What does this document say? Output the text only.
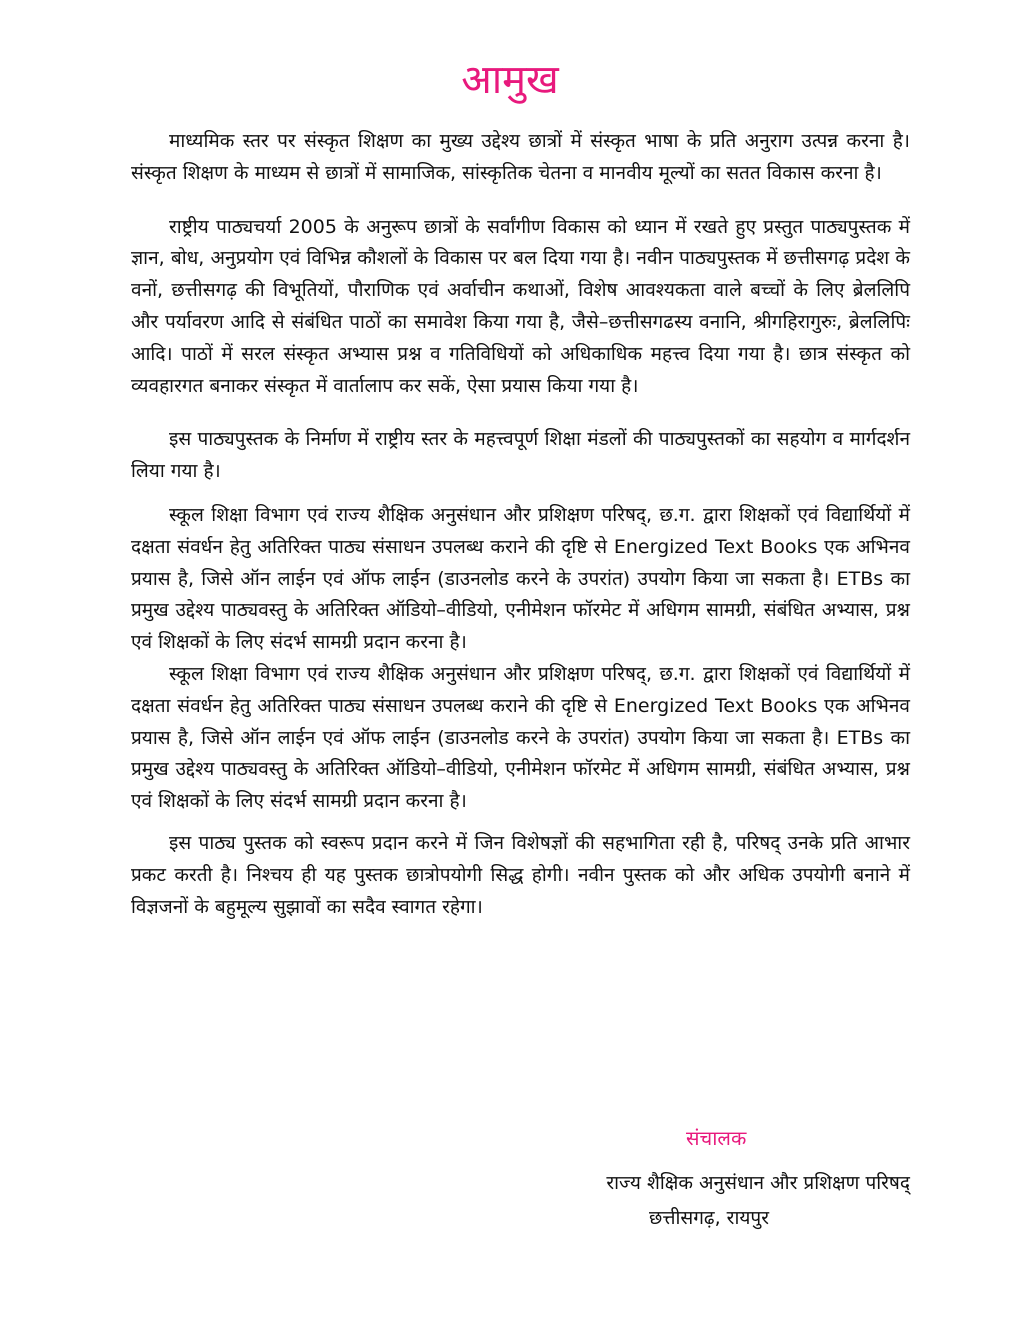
आमुख

माध्यमिक स्तर पर संस्कृत शिक्षण का मुख्य उद्देश्य छात्रों में संस्कृत भाषा के प्रति अनुराग उत्पन्न करना है। संस्कृत शिक्षण के माध्यम से छात्रों में सामाजिक, सांस्कृतिक चेतना व मानवीय मूल्यों का सतत विकास करना है।

राष्ट्रीय पाठ्यचर्या 2005 के अनुरूप छात्रों के सर्वांगीण विकास को ध्यान में रखते हुए प्रस्तुत पाठ्यपुस्तक में ज्ञान, बोध, अनुप्रयोग एवं विभिन्न कौशलों के विकास पर बल दिया गया है। नवीन पाठ्यपुस्तक में छत्तीसगढ़ प्रदेश के वनों, छत्तीसगढ़ की विभूतियों, पौराणिक एवं अर्वाचीन कथाओं, विशेष आवश्यकता वाले बच्चों के लिए ब्रेललिपि और पर्यावरण आदि से संबंधित पाठों का समावेश किया गया है, जैसे–छत्तीसगढस्य वनानि, श्रीगहिरागुरुः, ब्रेललिपिः आदि। पाठों में सरल संस्कृत अभ्यास प्रश्न व गतिविधियों को अधिकाधिक महत्त्व दिया गया है। छात्र संस्कृत को व्यवहारगत बनाकर संस्कृत में वार्तालाप कर सकें, ऐसा प्रयास किया गया है।

इस पाठ्यपुस्तक के निर्माण में राष्ट्रीय स्तर के महत्त्वपूर्ण शिक्षा मंडलों की पाठ्यपुस्तकों का सहयोग व मार्गदर्शन लिया गया है।

स्कूल शिक्षा विभाग एवं राज्य शैक्षिक अनुसंधान और प्रशिक्षण परिषद्, छ.ग. द्वारा शिक्षकों एवं विद्यार्थियों में दक्षता संवर्धन हेतु अतिरिक्त पाठ्य संसाधन उपलब्ध कराने की दृष्टि से Energized Text Books एक अभिनव प्रयास है, जिसे ऑन लाईन एवं ऑफ लाईन (डाउनलोड करने के उपरांत) उपयोग किया जा सकता है। ETBs का प्रमुख उद्देश्य पाठ्यवस्तु के अतिरिक्त ऑडियो–वीडियो, एनीमेशन फॉरमेट में अधिगम सामग्री, संबंधित अभ्यास, प्रश्न एवं शिक्षकों के लिए संदर्भ सामग्री प्रदान करना है।

स्कूल शिक्षा विभाग एवं राज्य शैक्षिक अनुसंधान और प्रशिक्षण परिषद्, छ.ग. द्वारा शिक्षकों एवं विद्यार्थियों में दक्षता संवर्धन हेतु अतिरिक्त पाठ्य संसाधन उपलब्ध कराने की दृष्टि से Energized Text Books एक अभिनव प्रयास है, जिसे ऑन लाईन एवं ऑफ लाईन (डाउनलोड करने के उपरांत) उपयोग किया जा सकता है। ETBs का प्रमुख उद्देश्य पाठ्यवस्तु के अतिरिक्त ऑडियो–वीडियो, एनीमेशन फॉरमेट में अधिगम सामग्री, संबंधित अभ्यास, प्रश्न एवं शिक्षकों के लिए संदर्भ सामग्री प्रदान करना है।

इस पाठ्य पुस्तक को स्वरूप प्रदान करने में जिन विशेषज्ञों की सहभागिता रही है, परिषद् उनके प्रति आभार प्रकट करती है। निश्चय ही यह पुस्तक छात्रोपयोगी सिद्ध होगी। नवीन पुस्तक को और अधिक उपयोगी बनाने में विज्ञजनों के बहुमूल्य सुझावों का सदैव स्वागत रहेगा।

संचालक
राज्य शैक्षिक अनुसंधान और प्रशिक्षण परिषद्
छत्तीसगढ़, रायपुर
